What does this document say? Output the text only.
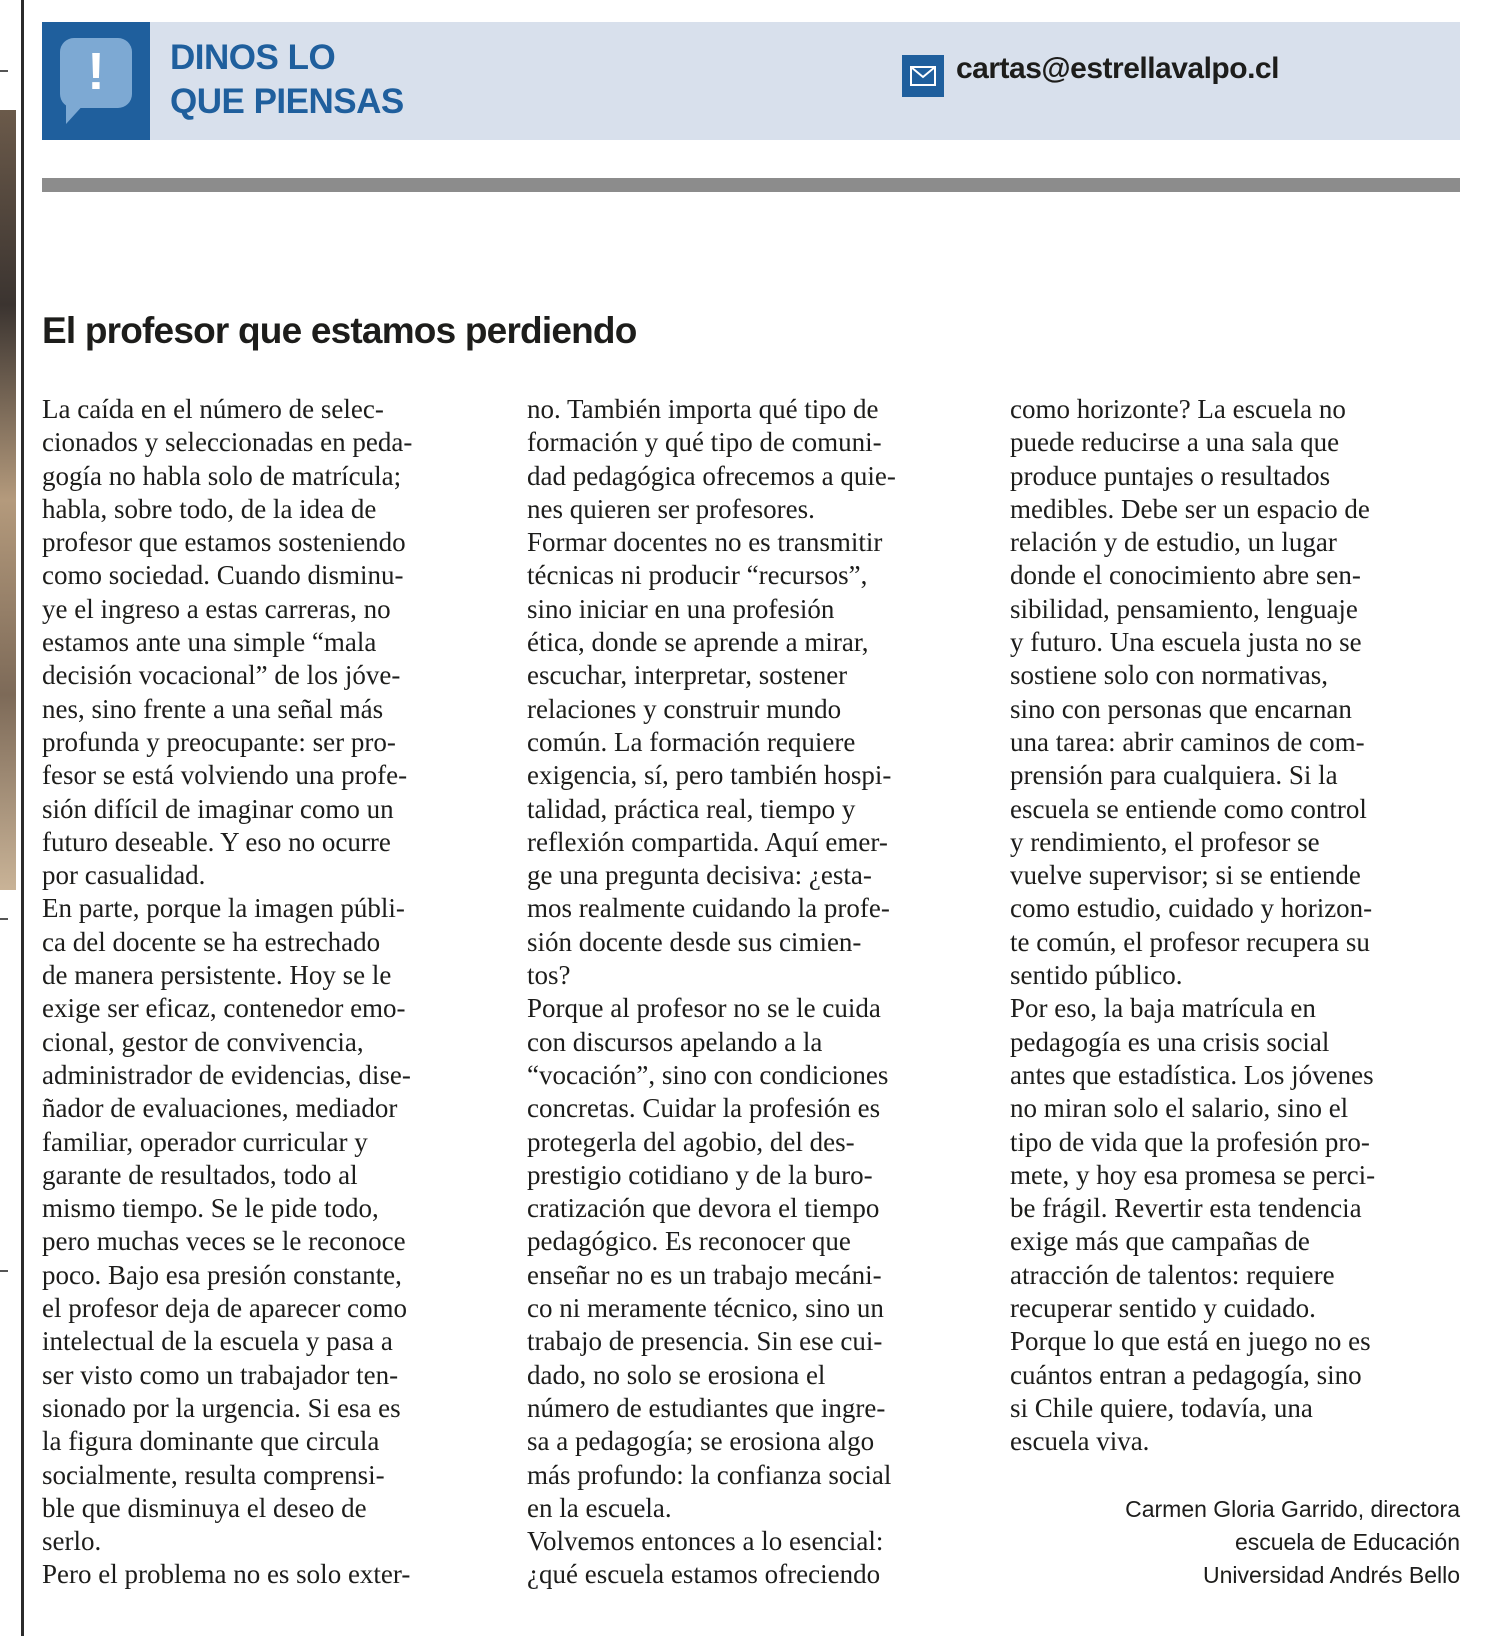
!	DINOS LO
QUE PIENSAS
cartas@estrellavalpo.cl
El profesor que estamos perdiendo
La caída en el número de selec-
cionados y seleccionadas en peda-
gogía no habla solo de matrícula;
habla, sobre todo, de la idea de
profesor que estamos sosteniendo
como sociedad. Cuando disminu-
ye el ingreso a estas carreras, no
estamos ante una simple “mala
decisión vocacional” de los jóve-
nes, sino frente a una señal más
profunda y preocupante: ser pro-
fesor se está volviendo una profe-
sión difícil de imaginar como un
futuro deseable. Y eso no ocurre
por casualidad.
En parte, porque la imagen públi-
ca del docente se ha estrechado
de manera persistente. Hoy se le
exige ser eficaz, contenedor emo-
cional, gestor de convivencia,
administrador de evidencias, dise-
ñador de evaluaciones, mediador
familiar, operador curricular y
garante de resultados, todo al
mismo tiempo. Se le pide todo,
pero muchas veces se le reconoce
poco. Bajo esa presión constante,
el profesor deja de aparecer como
intelectual de la escuela y pasa a
ser visto como un trabajador ten-
sionado por la urgencia. Si esa es
la figura dominante que circula
socialmente, resulta comprensi-
ble que disminuya el deseo de
serlo.
Pero el problema no es solo exter-
no. También importa qué tipo de
formación y qué tipo de comuni-
dad pedagógica ofrecemos a quie-
nes quieren ser profesores.
Formar docentes no es transmitir
técnicas ni producir “recursos”,
sino iniciar en una profesión
ética, donde se aprende a mirar,
escuchar, interpretar, sostener
relaciones y construir mundo
común. La formación requiere
exigencia, sí, pero también hospi-
talidad, práctica real, tiempo y
reflexión compartida. Aquí emer-
ge una pregunta decisiva: ¿esta-
mos realmente cuidando la profe-
sión docente desde sus cimien-
tos?
Porque al profesor no se le cuida
con discursos apelando a la
“vocación”, sino con condiciones
concretas. Cuidar la profesión es
protegerla del agobio, del des-
prestigio cotidiano y de la buro-
cratización que devora el tiempo
pedagógico. Es reconocer que
enseñar no es un trabajo mecáni-
co ni meramente técnico, sino un
trabajo de presencia. Sin ese cui-
dado, no solo se erosiona el
número de estudiantes que ingre-
sa a pedagogía; se erosiona algo
más profundo: la confianza social
en la escuela.
Volvemos entonces a lo esencial:
¿qué escuela estamos ofreciendo
como horizonte? La escuela no
puede reducirse a una sala que
produce puntajes o resultados
medibles. Debe ser un espacio de
relación y de estudio, un lugar
donde el conocimiento abre sen-
sibilidad, pensamiento, lenguaje
y futuro. Una escuela justa no se
sostiene solo con normativas,
sino con personas que encarnan
una tarea: abrir caminos de com-
prensión para cualquiera. Si la
escuela se entiende como control
y rendimiento, el profesor se
vuelve supervisor; si se entiende
como estudio, cuidado y horizon-
te común, el profesor recupera su
sentido público.
Por eso, la baja matrícula en
pedagogía es una crisis social
antes que estadística. Los jóvenes
no miran solo el salario, sino el
tipo de vida que la profesión pro-
mete, y hoy esa promesa se perci-
be frágil. Revertir esta tendencia
exige más que campañas de
atracción de talentos: requiere
recuperar sentido y cuidado.
Porque lo que está en juego no es
cuántos entran a pedagogía, sino
si Chile quiere, todavía, una
escuela viva.
Carmen Gloria Garrido, directora
escuela de Educación
Universidad Andrés Bello
